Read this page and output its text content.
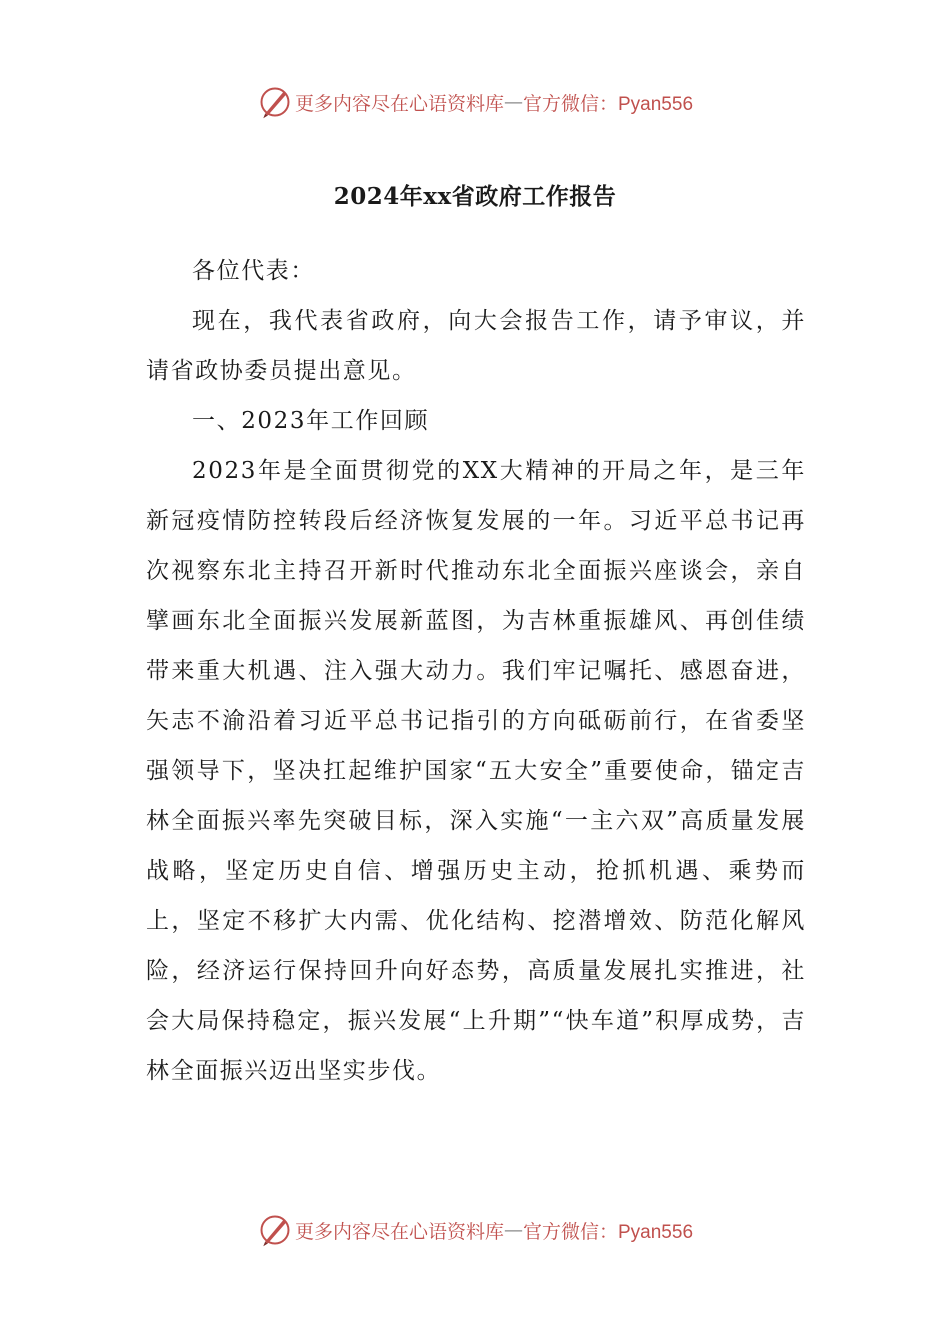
更多内容尽在心语资料库 — 官方微信：Pyan556
2024年xx省政府工作报告

各位代表：

现在，我代表省政府，向大会报告工作，请予审议，并请省政协委员提出意见。

一、2023年工作回顾

2023年是全面贯彻党的XX大精神的开局之年，是三年新冠疫情防控转段后经济恢复发展的一年。习近平总书记再次视察东北主持召开新时代推动东北全面振兴座谈会，亲自擘画东北全面振兴发展新蓝图，为吉林重振雄风、再创佳绩带来重大机遇、注入强大动力。我们牢记嘱托、感恩奋进，矢志不渝沿着习近平总书记指引的方向砥砺前行，在省委坚强领导下，坚决扛起维护国家“五大安全”重要使命，锚定吉林全面振兴率先突破目标，深入实施“一主六双”高质量发展战略，坚定历史自信、增强历史主动，抢抓机遇、乘势而上，坚定不移扩大内需、优化结构、挖潜增效、防范化解风险，经济运行保持回升向好态势，高质量发展扎实推进，社会大局保持稳定，振兴发展“上升期”“快车道”积厚成势，吉林全面振兴迈出坚实步伐。

更多内容尽在心语资料库 — 官方微信：Pyan556
